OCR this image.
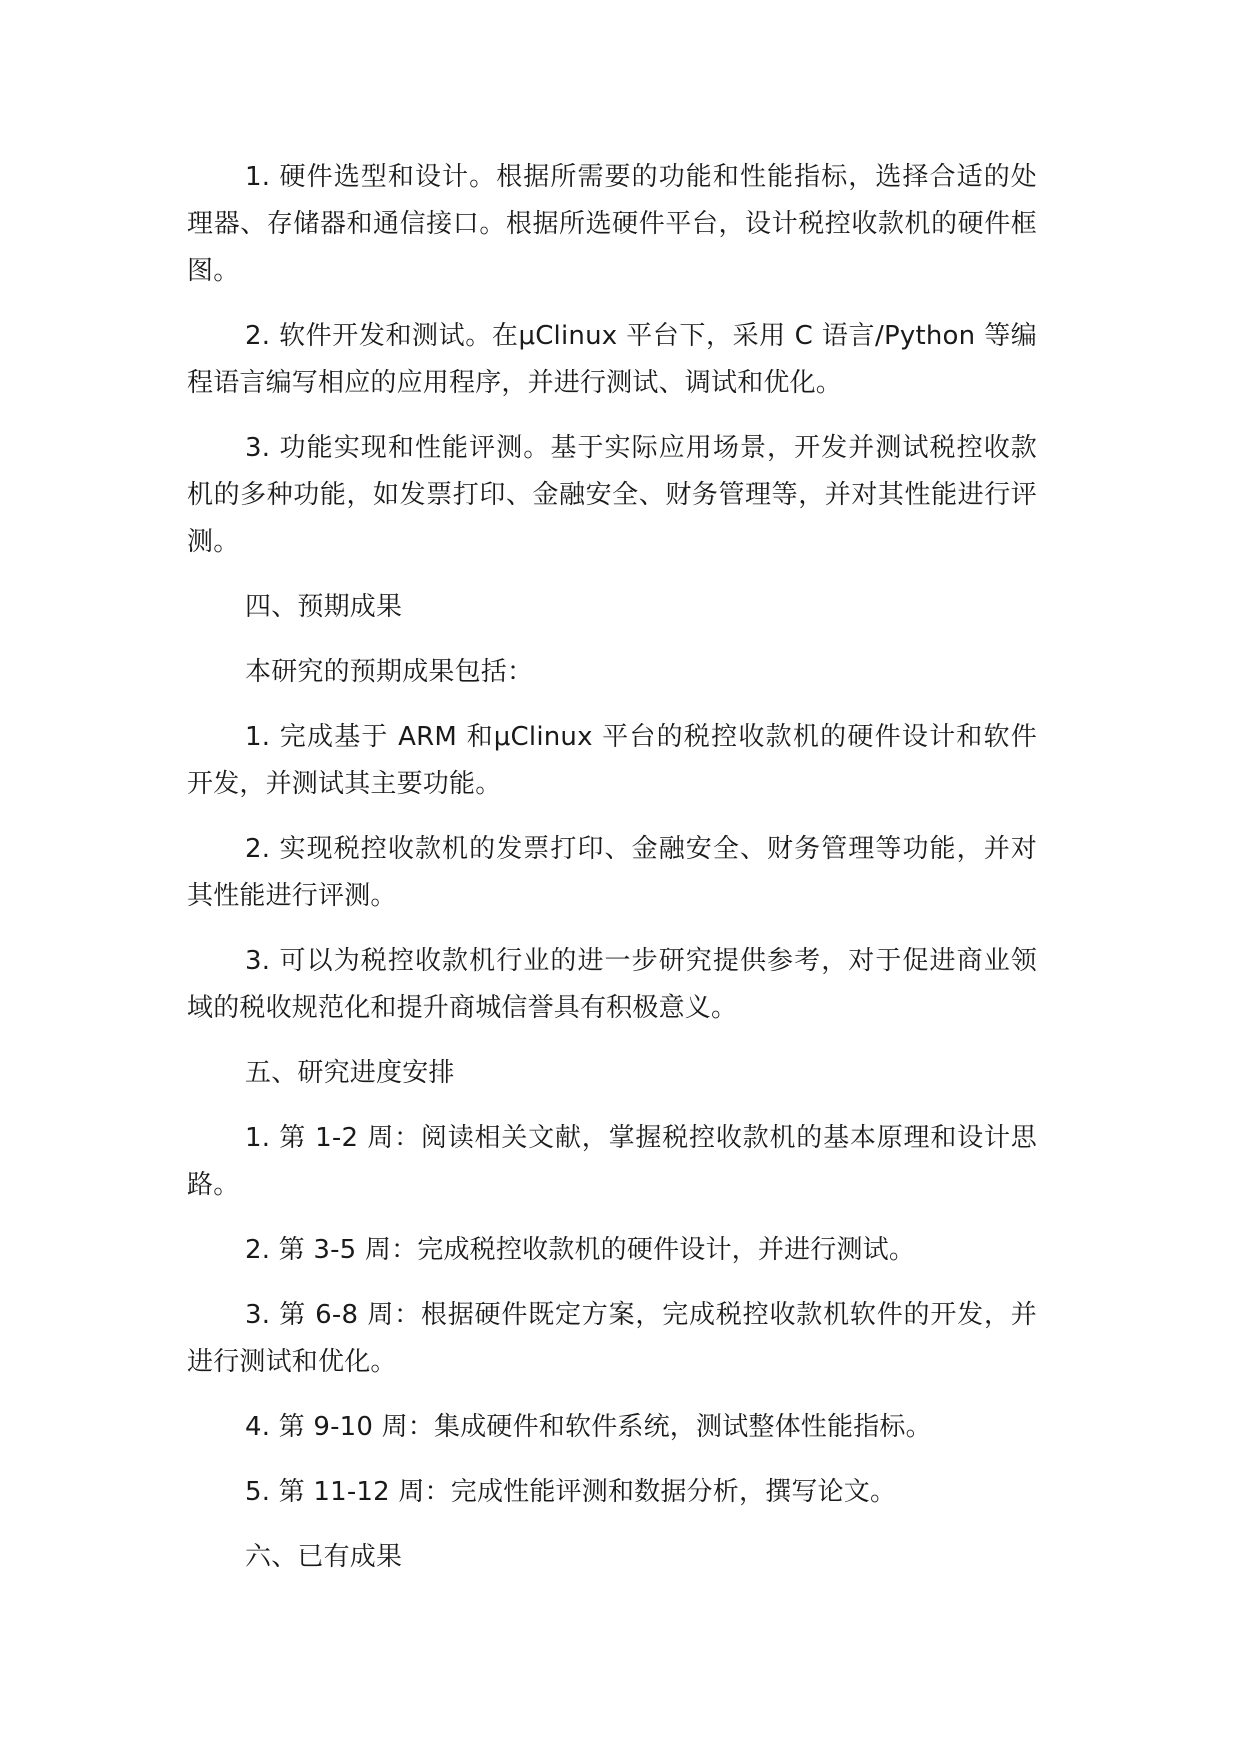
1. 硬件选型和设计。根据所需要的功能和性能指标，选择合适的处理器、存储器和通信接口。根据所选硬件平台，设计税控收款机的硬件框图。

2. 软件开发和测试。在μClinux 平台下，采用 C 语言/Python 等编程语言编写相应的应用程序，并进行测试、调试和优化。

3. 功能实现和性能评测。基于实际应用场景，开发并测试税控收款机的多种功能，如发票打印、金融安全、财务管理等，并对其性能进行评测。

四、预期成果

本研究的预期成果包括：

1. 完成基于 ARM 和μClinux 平台的税控收款机的硬件设计和软件开发，并测试其主要功能。

2. 实现税控收款机的发票打印、金融安全、财务管理等功能，并对其性能进行评测。

3. 可以为税控收款机行业的进一步研究提供参考，对于促进商业领域的税收规范化和提升商城信誉具有积极意义。

五、研究进度安排

1. 第 1-2 周：阅读相关文献，掌握税控收款机的基本原理和设计思路。

2. 第 3-5 周：完成税控收款机的硬件设计，并进行测试。

3. 第 6-8 周：根据硬件既定方案，完成税控收款机软件的开发，并进行测试和优化。

4. 第 9-10 周：集成硬件和软件系统，测试整体性能指标。

5. 第 11-12 周：完成性能评测和数据分析，撰写论文。

六、已有成果
